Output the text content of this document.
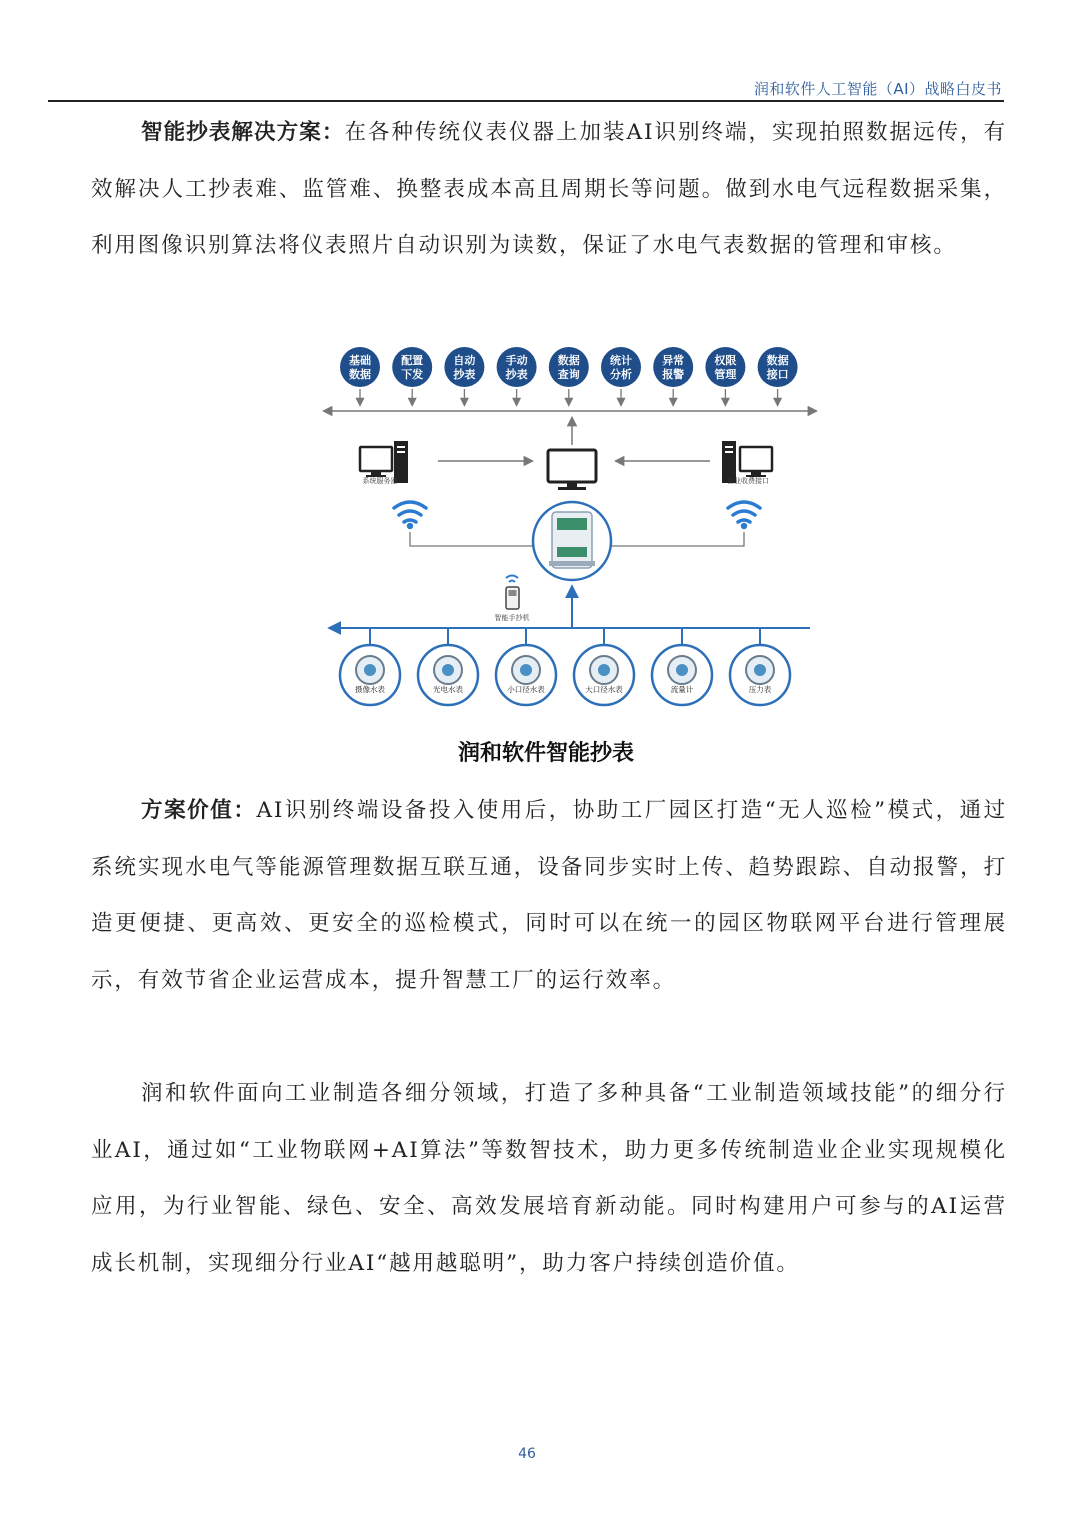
润和软件人工智能（AI）战略白皮书

智能抄表解决方案：在各种传统仪表仪器上加装AI识别终端，实现拍照数据远传，有效解决人工抄表难、监管难、换整表成本高且周期长等问题。做到水电气远程数据采集，利用图像识别算法将仪表照片自动识别为读数，保证了水电气表数据的管理和审核。

基础
数据
配置
下发
自动
抄表
手动
抄表
数据
查询
统计
分析
异常
报警
权限
管理
数据
接口
系统服务器	营业收费接口
智能手抄机
摄像水表	光电水表	小口径水表	大口径水表	流量计	压力表
润和软件智能抄表

方案价值：AI识别终端设备投入使用后，协助工厂园区打造“无人巡检”模式，通过系统实现水电气等能源管理数据互联互通，设备同步实时上传、趋势跟踪、自动报警，打造更便捷、更高效、更安全的巡检模式，同时可以在统一的园区物联网平台进行管理展示，有效节省企业运营成本，提升智慧工厂的运行效率。

润和软件面向工业制造各细分领域，打造了多种具备“工业制造领域技能”的细分行业AI，通过如“工业物联网+AI算法”等数智技术，助力更多传统制造业企业实现规模化应用，为行业智能、绿色、安全、高效发展培育新动能。同时构建用户可参与的AI运营成长机制，实现细分行业AI“越用越聪明”，助力客户持续创造价值。

46
